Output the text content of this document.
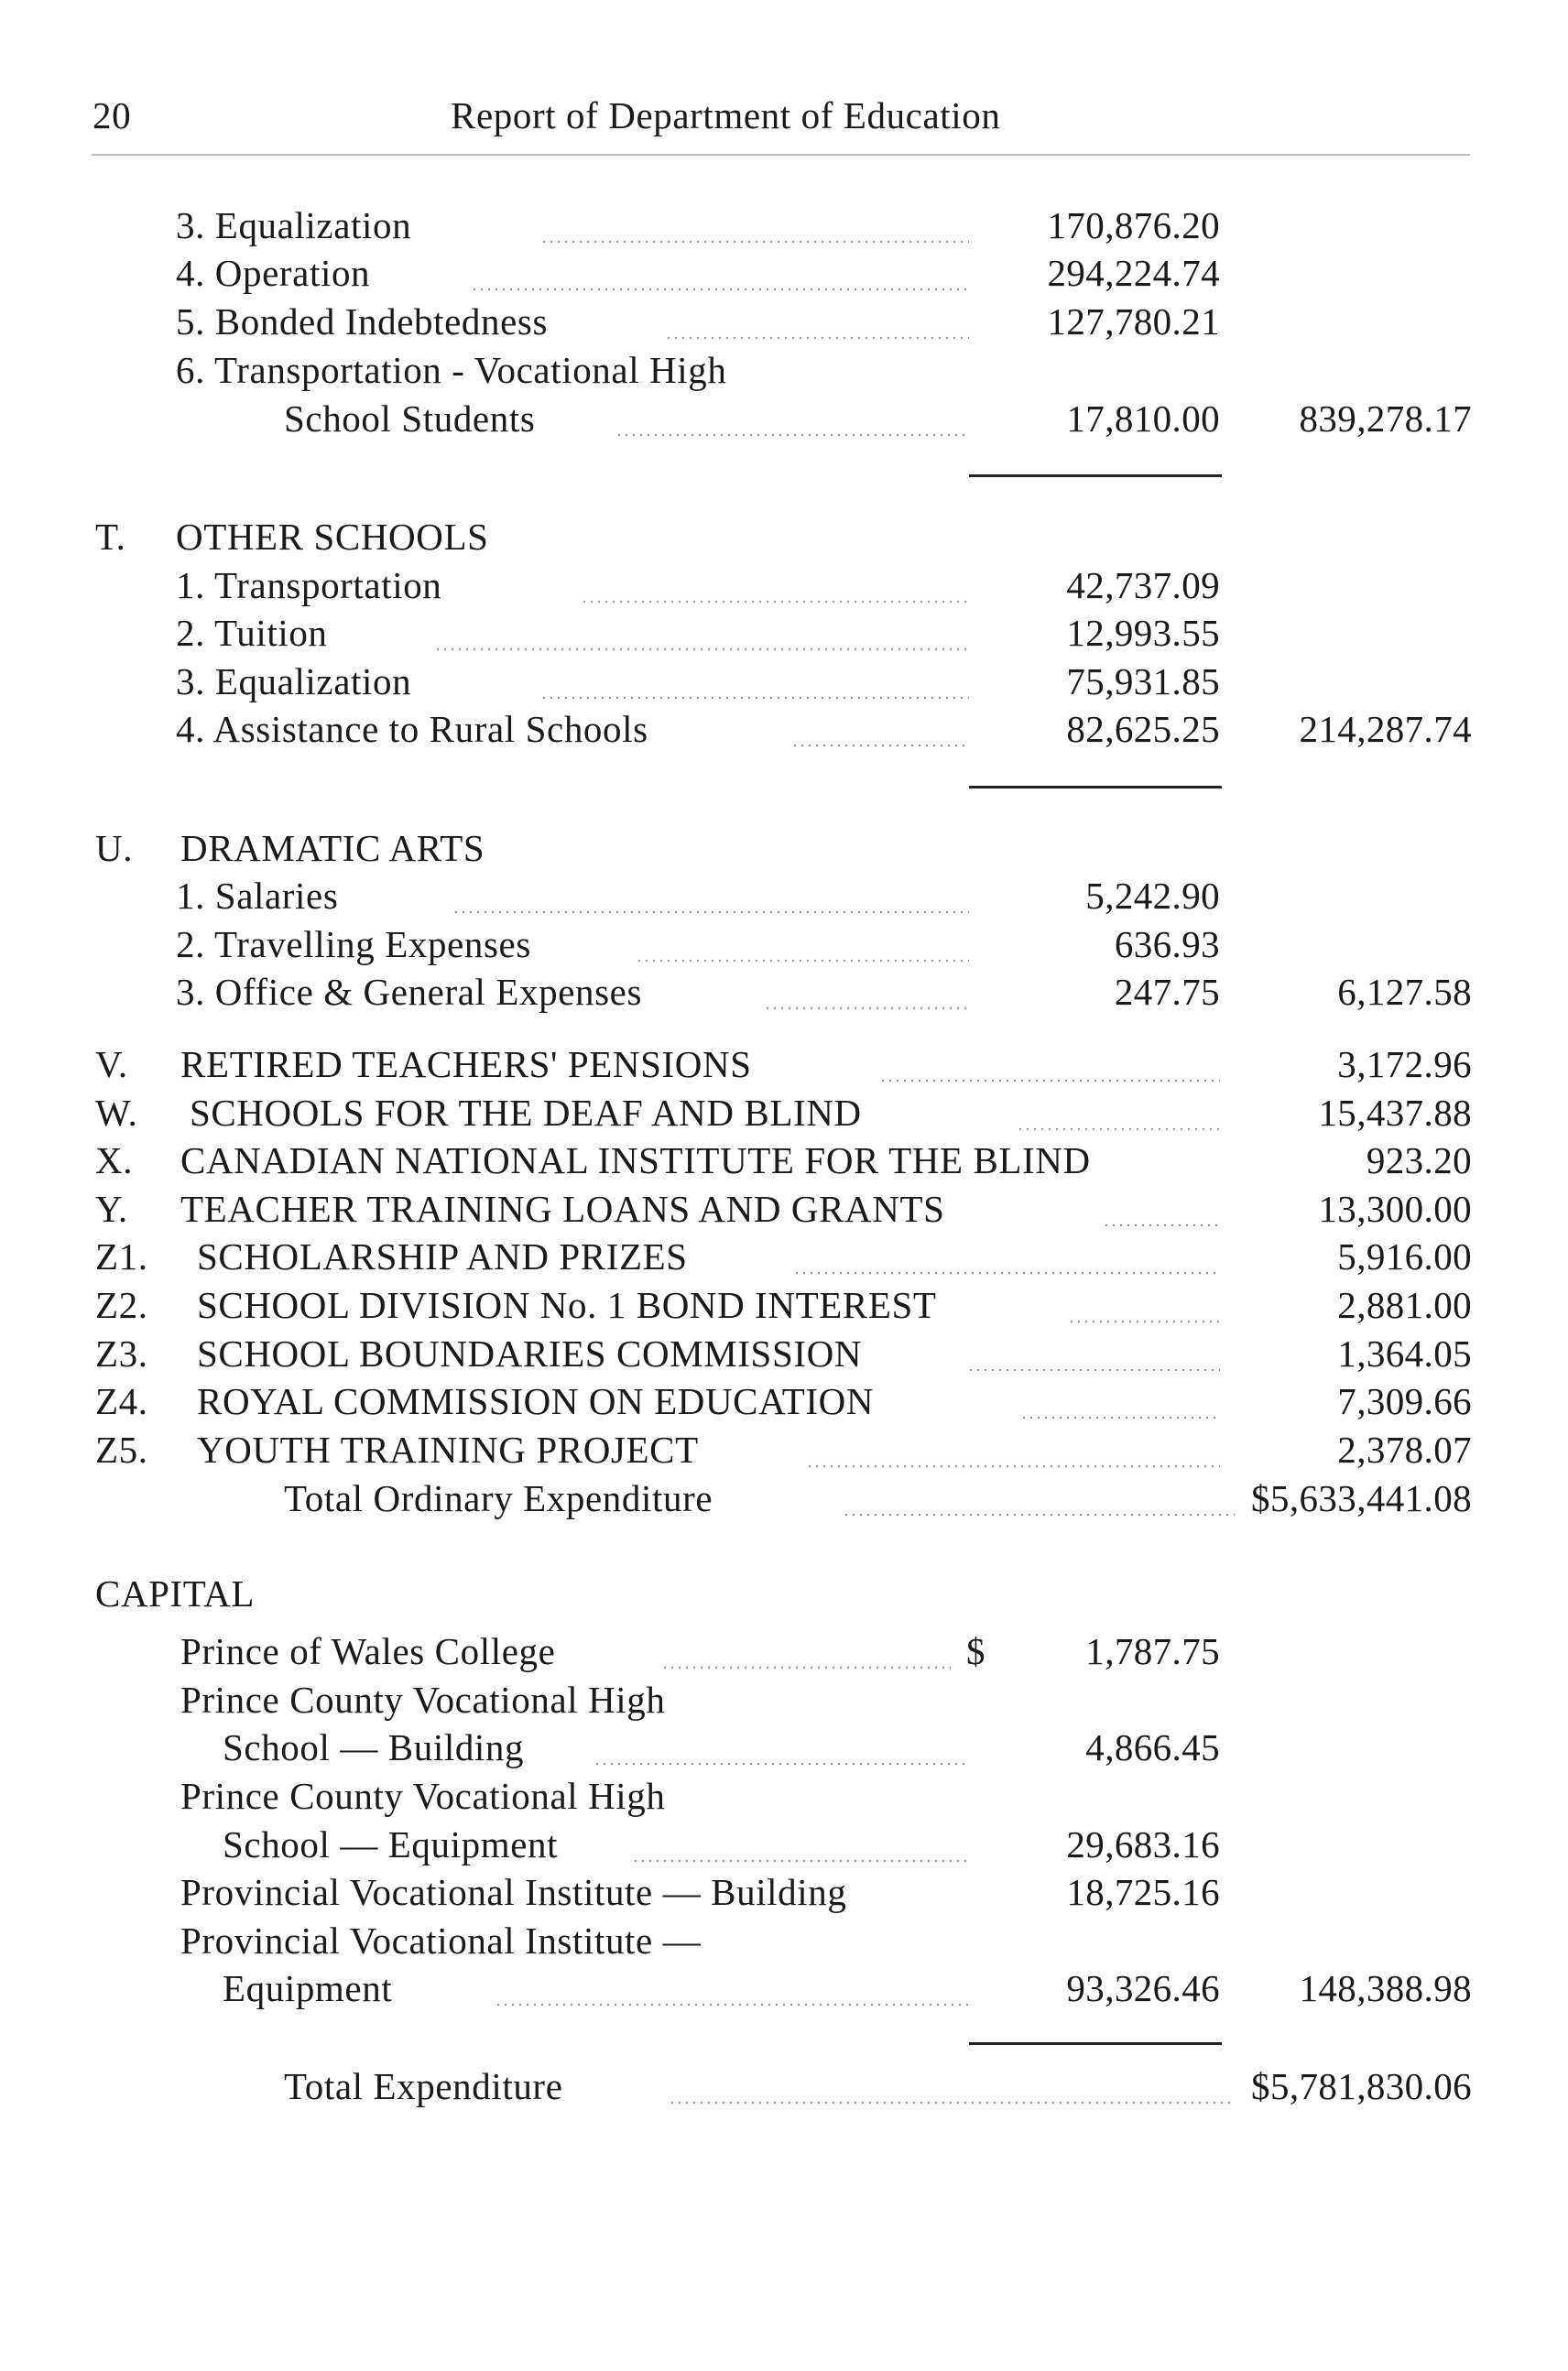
20	Report of Department of Education
3. Equalization	170,876.20
4. Operation	294,224.74
5. Bonded Indebtedness	127,780.21
6. Transportation - Vocational High
School Students	17,810.00 839,278.17
T. OTHER SCHOOLS
1. Transportation	42,737.09
2. Tuition	12,993.55
3. Equalization	75,931.85
4. Assistance to Rural Schools	82,625.25 214,287.74
U. DRAMATIC ARTS
1. Salaries	5,242.90
2. Travelling Expenses	636.93
3. Office & General Expenses	247.75	6,127.58
V. RETIRED TEACHERS' PENSIONS	3,172.96
W. SCHOOLS FOR THE DEAF AND BLIND	15,437.88
X. CANADIAN NATIONAL INSTITUTE FOR THE BLIND	923.20
Y. TEACHER TRAINING LOANS AND GRANTS	13,300.00
Z1. SCHOLARSHIP AND PRIZES	5,916.00
Z2. SCHOOL DIVISION No. 1 BOND INTEREST	2,881.00
Z3. SCHOOL BOUNDARIES COMMISSION	1,364.05
Z4. ROYAL COMMISSION ON EDUCATION	7,309.66
Z5. YOUTH TRAINING PROJECT	2,378.07
Total Ordinary Expenditure	$5,633,441.08
CAPITAL
Prince of Wales College	$	1,787.75
Prince County Vocational High
School — Building	4,866.45
Prince County Vocational High
School — Equipment	29,683.16
Provincial Vocational Institute — Building	18,725.16
Provincial Vocational Institute —
Equipment	93,326.46 148,388.98
Total Expenditure	$5,781,830.06
